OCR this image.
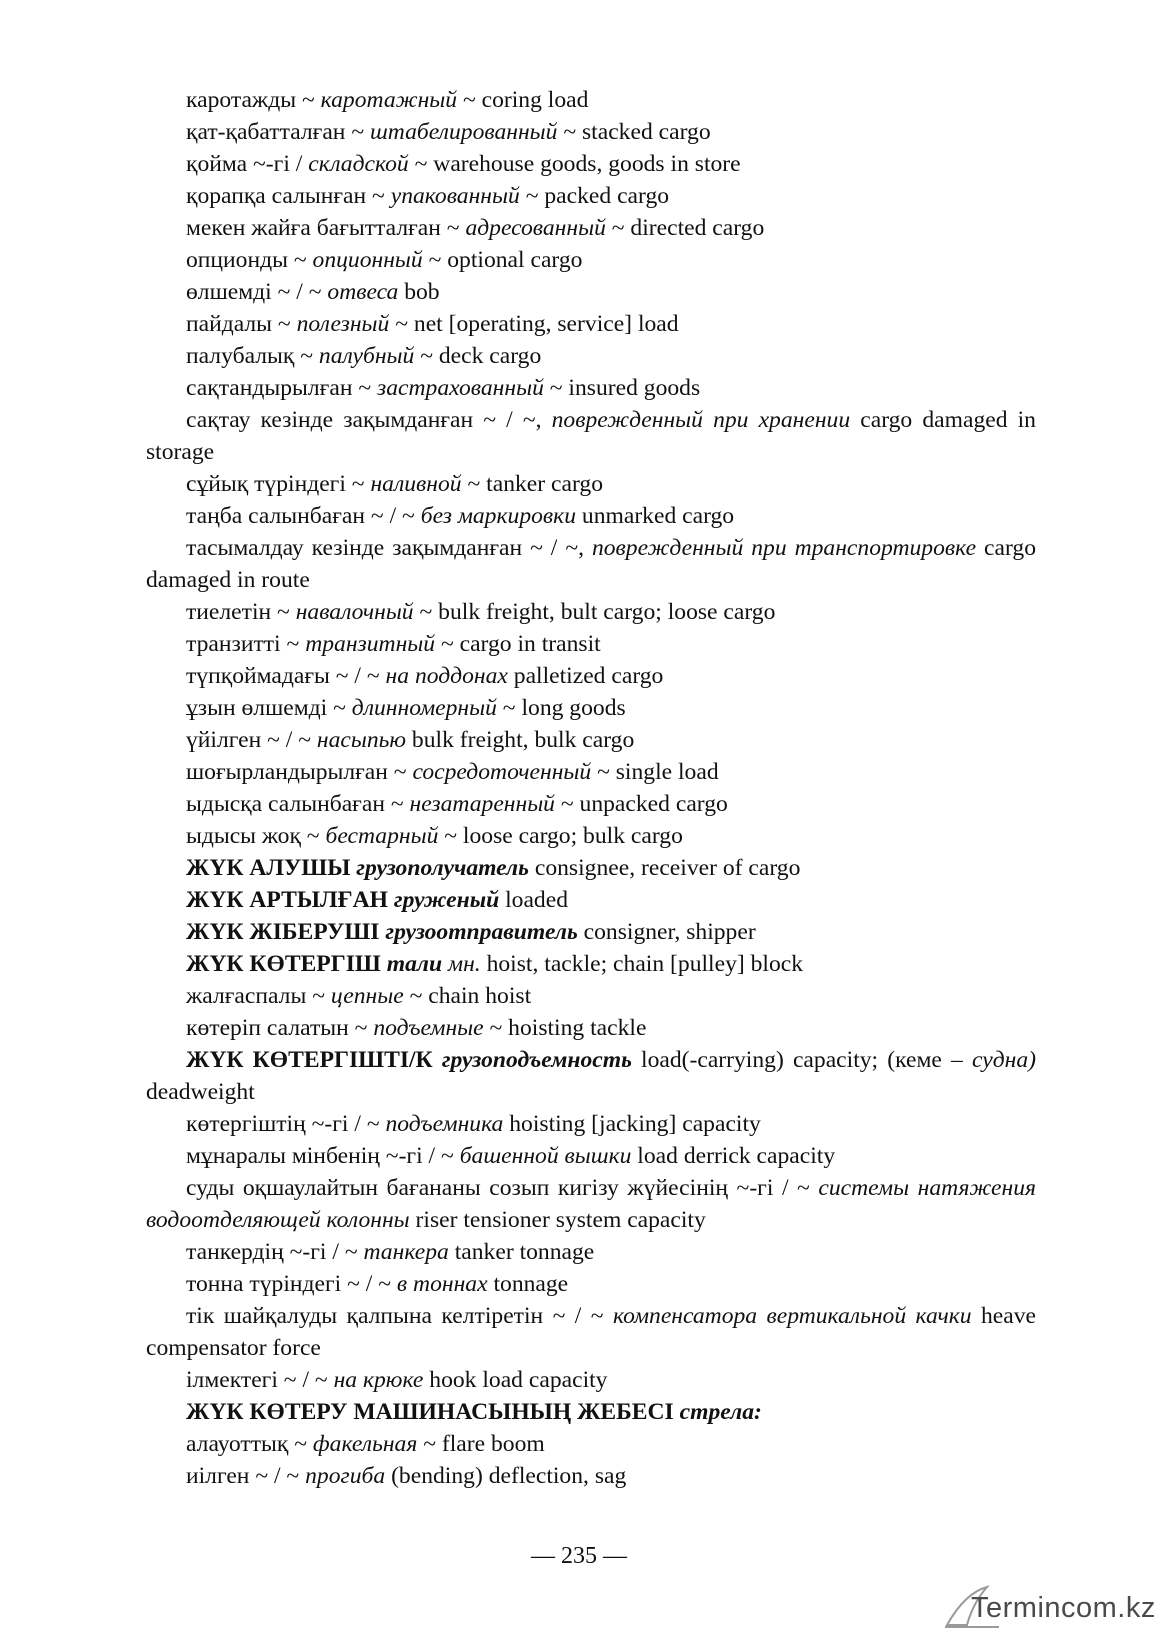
каротажды ~ каротажный ~ coring load

қат-қабатталған ~ штабелированный ~ stacked cargo

қойма ~-гі / складской ~ warehouse goods, goods in store

қорапқа салынған ~ упакованный ~ packed cargo

мекен жайға бағытталған ~ адресованный ~ directed cargo

опционды ~ опционный ~ optional cargo

өлшемді ~ / ~ отвеса bob

пайдалы ~ полезный ~ net [operating, service] load

палубалық ~ палубный ~ deck cargo

сақтандырылған ~ застрахованный ~ insured goods

сақтау кезінде зақымданған ~ / ~, поврежденный при хранении cargo damaged in storage

сұйық түріндегі ~ наливной ~ tanker cargo

таңба салынбаған ~ / ~ без маркировки unmarked cargo

тасымалдау кезінде зақымданған ~ / ~, поврежденный при транспортировке cargo damaged in route

тиелетін ~ навалочный ~ bulk freight, bult cargo; loose cargo

транзитті ~ транзитный ~ cargo in transit

түпқоймадағы ~ / ~ на поддонах palletized cargo

ұзын өлшемді ~ длинномерный ~ long goods

үйілген ~ / ~ насыпью bulk freight, bulk cargo

шоғырландырылған ~ сосредоточенный ~ single load

ыдысқа салынбаған ~ незатаренный ~ unpacked cargo

ыдысы жоқ ~ бестарный ~ loose cargo; bulk cargo

ЖҮК АЛУШЫ грузополучатель consignee, receiver of cargo

ЖҮК АРТЫЛҒАН груженый loaded

ЖҮК ЖІБЕРУШІ грузоотправитель consigner, shipper

ЖҮК КӨТЕРГІШ тали мн. hoist, tackle; chain [pulley] block

жалғаспалы ~ цепные ~ chain hoist

көтеріп салатын ~ подъемные ~ hoisting tackle

ЖҮК КӨТЕРГІШТІ/К грузоподъемность load(-carrying) capacity; (кеме – судна) deadweight

көтергіштің ~-гі / ~ подъемника hoisting [jacking] capacity

мұнаралы мінбенің ~-гі / ~ башенной вышки load derrick capacity

суды оқшаулайтын бағананы созып кигізу жүйесінің ~-гі / ~ системы натяжения водоотделяющей колонны riser tensioner system capacity

танкердің ~-гі / ~ танкера tanker tonnage

тонна түріндегі ~ / ~ в тоннах tonnage

тік шайқалуды қалпына келтіретін ~ / ~ компенсатора вертикальной качки heave compensator force

ілмектегі ~ / ~ на крюке hook load capacity

ЖҮК КӨТЕРУ МАШИНАСЫНЫҢ ЖЕБЕСІ стрела:

алауоттық ~ факельная ~ flare boom

иілген ~ / ~ прогиба (bending) deflection, sag

— 235 —
Termincom.kz
